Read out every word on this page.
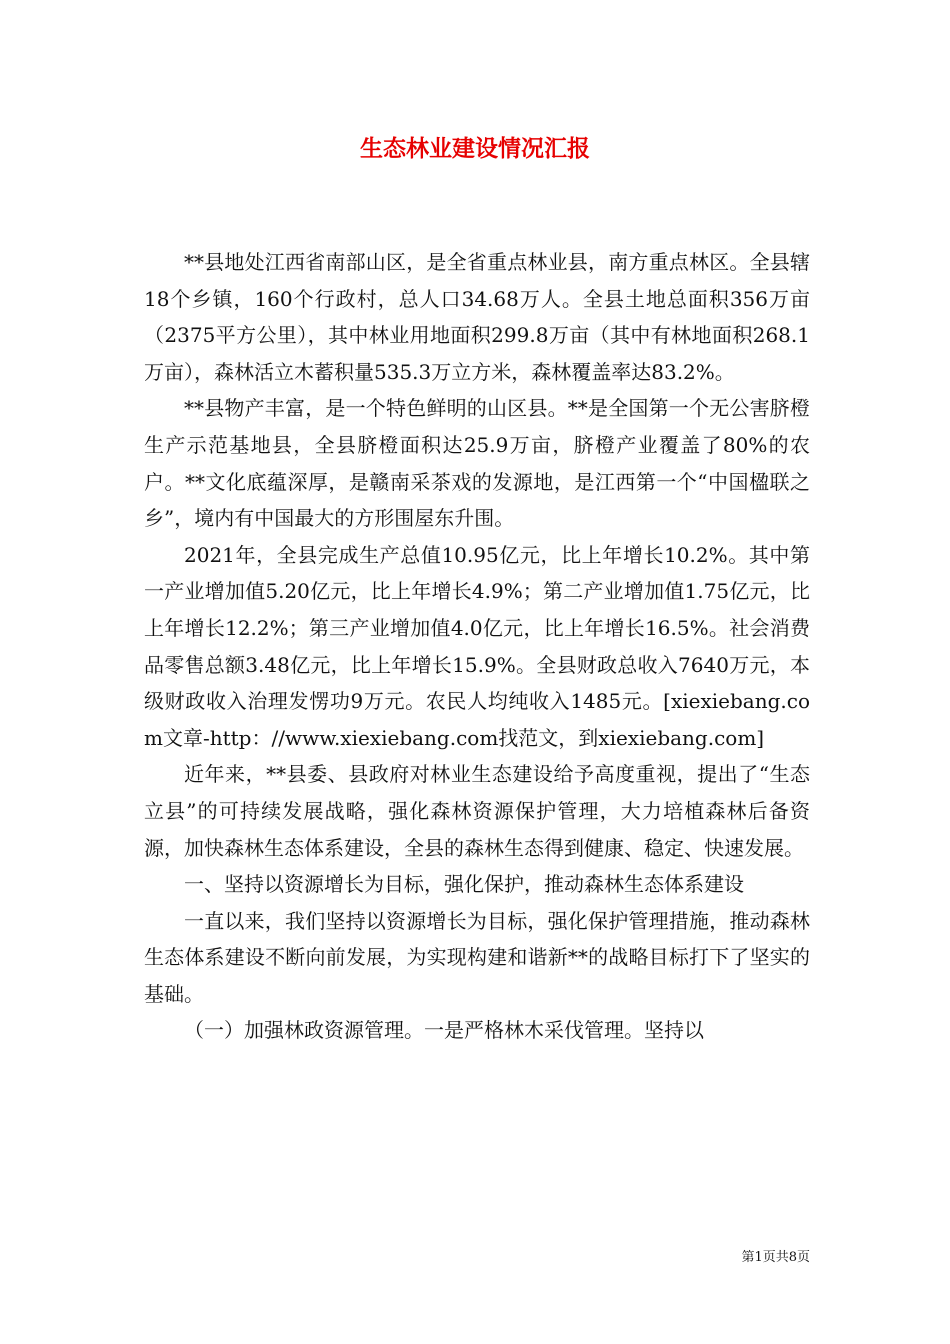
生态林业建设情况汇报

**县地处江西省南部山区，是全省重点林业县，南方重点林区。全县辖18个乡镇，160个行政村，总人口34.68万人。全县土地总面积356万亩（2375平方公里），其中林业用地面积299.8万亩（其中有林地面积268.1万亩），森林活立木蓄积量535.3万立方米，森林覆盖率达83.2%。

**县物产丰富，是一个特色鲜明的山区县。**是全国第一个无公害脐橙生产示范基地县，全县脐橙面积达25.9万亩，脐橙产业覆盖了80%的农户。**文化底蕴深厚，是赣南采茶戏的发源地，是江西第一个“中国楹联之乡”，境内有中国最大的方形围屋东升围。

2021年，全县完成生产总值10.95亿元，比上年增长10.2%。其中第一产业增加值5.20亿元，比上年增长4.9%；第二产业增加值1.75亿元，比上年增长12.2%；第三产业增加值4.0亿元，比上年增长16.5%。社会消费品零售总额3.48亿元，比上年增长15.9%。全县财政总收入7640万元，本级财政收入治理发愣功9万元。农民人均纯收入1485元。[xiexiebang.com文章-http：//www.xiexiebang.com找范文，到xiexiebang.com]

近年来，**县委、县政府对林业生态建设给予高度重视，提出了“生态立县”的可持续发展战略，强化森林资源保护管理，大力培植森林后备资源，加快森林生态体系建设，全县的森林生态得到健康、稳定、快速发展。

一、坚持以资源增长为目标，强化保护，推动森林生态体系建设

一直以来，我们坚持以资源增长为目标，强化保护管理措施，推动森林生态体系建设不断向前发展，为实现构建和谐新**的战略目标打下了坚实的基础。

（一）加强林政资源管理。一是严格林木采伐管理。坚持以

第1页共8页
